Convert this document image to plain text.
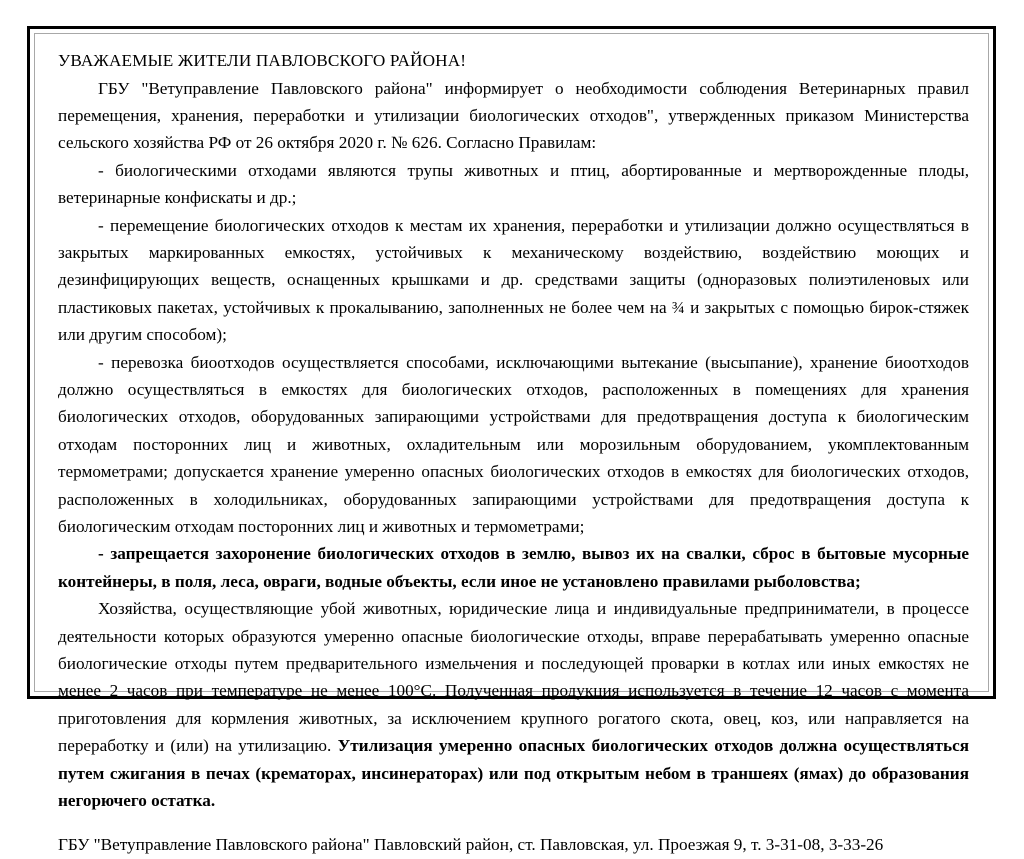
УВАЖАЕМЫЕ ЖИТЕЛИ ПАВЛОВСКОГО РАЙОНА!

ГБУ "Ветуправление Павловского района" информирует о необходимости соблюдения Ветеринарных правил перемещения, хранения, переработки и утилизации биологических отходов", утвержденных приказом Министерства сельского хозяйства РФ от 26 октября 2020 г. № 626. Согласно Правилам:

- биологическими отходами являются трупы животных и птиц, абортированные и мертворожденные плоды, ветеринарные конфискаты и др.;

- перемещение биологических отходов к местам их хранения, переработки и утилизации должно осуществляться в закрытых маркированных емкостях, устойчивых к механическому воздействию, воздействию моющих и дезинфицирующих веществ, оснащенных крышками и др. средствами защиты (одноразовых полиэтиленовых или пластиковых пакетах, устойчивых к прокалыванию, заполненных не более чем на ¾ и закрытых с помощью бирок-стяжек или другим способом);

- перевозка биоотходов осуществляется способами, исключающими вытекание (высыпание), хранение биоотходов должно осуществляться в емкостях для биологических отходов, расположенных в помещениях для хранения биологических отходов, оборудованных запирающими устройствами для предотвращения доступа к биологическим отходам посторонних лиц и животных, охладительным или морозильным оборудованием, укомплектованным термометрами; допускается хранение умеренно опасных биологических отходов в емкостях для биологических отходов, расположенных в холодильниках, оборудованных запирающими устройствами для предотвращения доступа к биологическим отходам посторонних лиц и животных и термометрами;

- запрещается захоронение биологических отходов в землю, вывоз их на свалки, сброс в бытовые мусорные контейнеры, в поля, леса, овраги, водные объекты, если иное не установлено правилами рыболовства;

Хозяйства, осуществляющие убой животных, юридические лица и индивидуальные предприниматели, в процессе деятельности которых образуются умеренно опасные биологические отходы, вправе перерабатывать умеренно опасные биологические отходы путем предварительного измельчения и последующей проварки в котлах или иных емкостях не менее 2 часов при температуре не менее 100°С. Полученная продукция используется в течение 12 часов с момента приготовления для кормления животных, за исключением крупного рогатого скота, овец, коз, или направляется на переработку и (или) на утилизацию. Утилизация умеренно опасных биологических отходов должна осуществляться путем сжигания в печах (крематорах, инсинераторах) или под открытым небом в траншеях (ямах) до образования негорючего остатка.

ГБУ "Ветуправление Павловского района" Павловский район, ст. Павловская, ул. Проезжая 9, т. 3-31-08, 3-33-26
